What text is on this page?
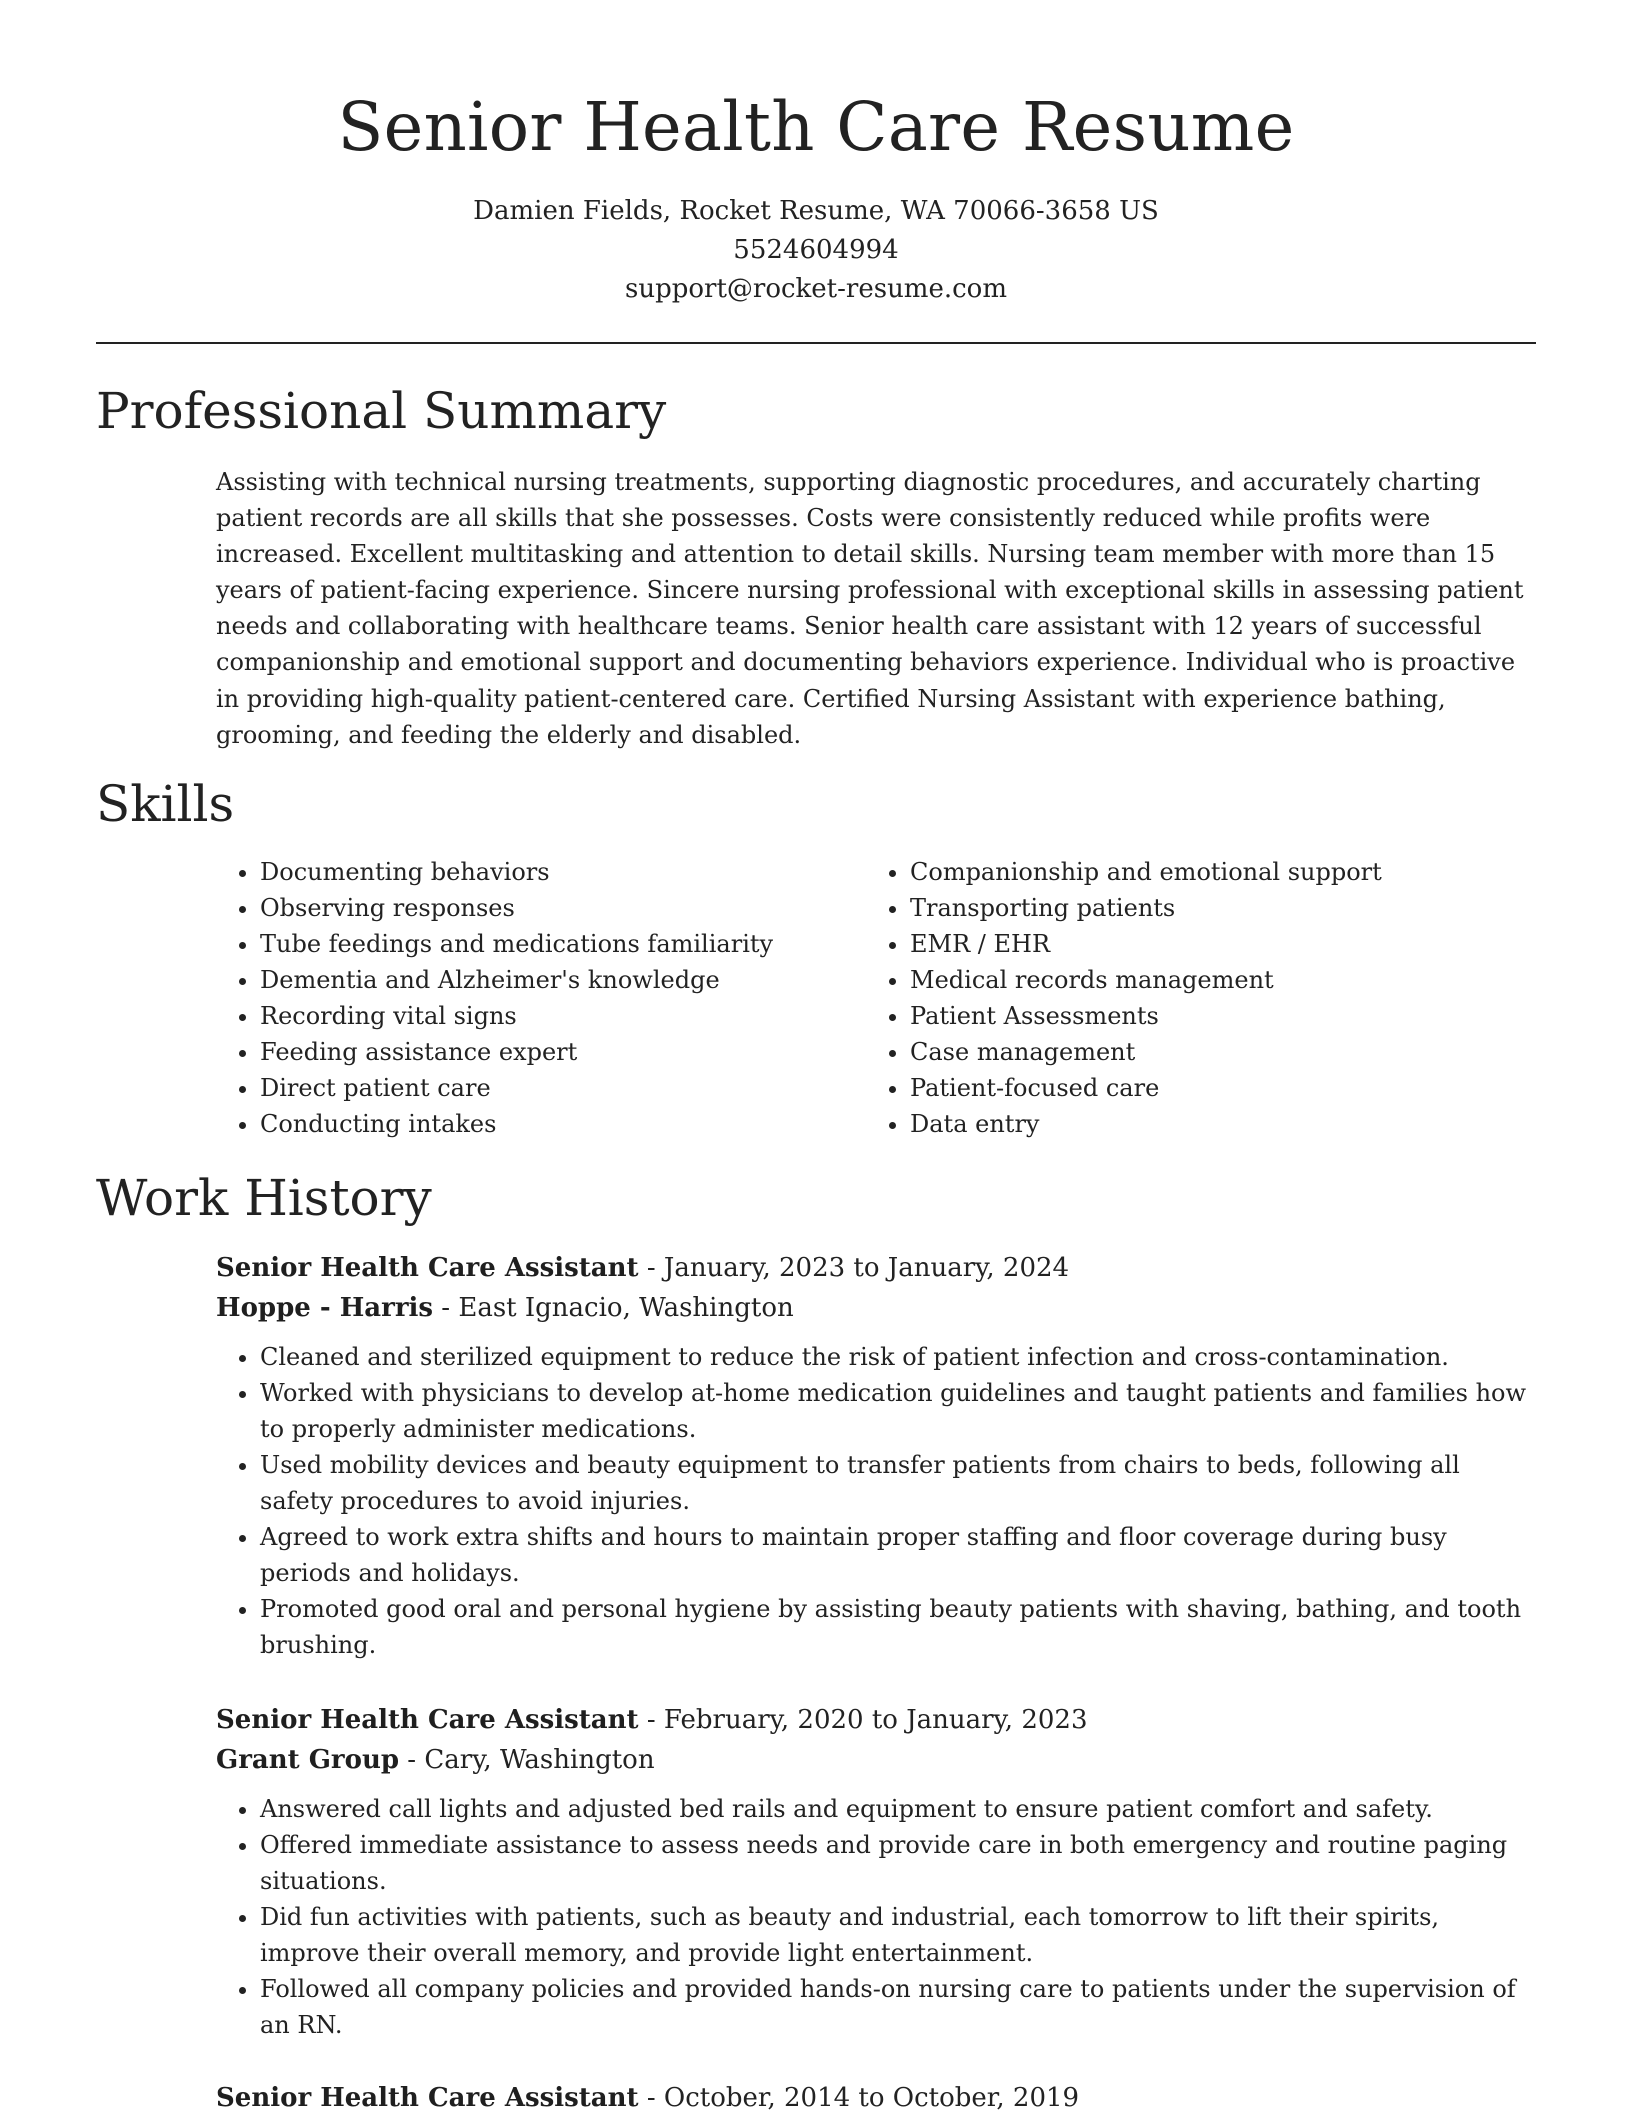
Senior Health Care Resume
Damien Fields, Rocket Resume, WA 70066-3658 US
5524604994
support@rocket-resume.com
Professional Summary

Assisting with technical nursing treatments, supporting diagnostic procedures, and accurately charting patient records are all skills that she possesses. Costs were consistently reduced while profits were increased. Excellent multitasking and attention to detail skills. Nursing team member with more than 15 years of patient-facing experience. Sincere nursing professional with exceptional skills in assessing patient needs and collaborating with healthcare teams. Senior health care assistant with 12 years of successful companionship and emotional support and documenting behaviors experience. Individual who is proactive in providing high-quality patient-centered care. Certified Nursing Assistant with experience bathing, grooming, and feeding the elderly and disabled.

Skills
• Documenting behaviors
• Observing responses
• Tube feedings and medications familiarity
• Dementia and Alzheimer's knowledge
• Recording vital signs
• Feeding assistance expert
• Direct patient care
• Conducting intakes
• Companionship and emotional support
• Transporting patients
• EMR / EHR
• Medical records management
• Patient Assessments
• Case management
• Patient-focused care
• Data entry
Work History
Senior Health Care Assistant - January, 2023 to January, 2024
Hoppe - Harris - East Ignacio, Washington
• Cleaned and sterilized equipment to reduce the risk of patient infection and cross-contamination.
• Worked with physicians to develop at-home medication guidelines and taught patients and families how to properly administer medications.
• Used mobility devices and beauty equipment to transfer patients from chairs to beds, following all safety procedures to avoid injuries.
• Agreed to work extra shifts and hours to maintain proper staffing and floor coverage during busy periods and holidays.
• Promoted good oral and personal hygiene by assisting beauty patients with shaving, bathing, and tooth brushing.
Senior Health Care Assistant - February, 2020 to January, 2023
Grant Group - Cary, Washington
• Answered call lights and adjusted bed rails and equipment to ensure patient comfort and safety.
• Offered immediate assistance to assess needs and provide care in both emergency and routine paging situations.
• Did fun activities with patients, such as beauty and industrial, each tomorrow to lift their spirits, improve their overall memory, and provide light entertainment.
• Followed all company policies and provided hands-on nursing care to patients under the supervision of an RN.
Senior Health Care Assistant - October, 2014 to October, 2019
